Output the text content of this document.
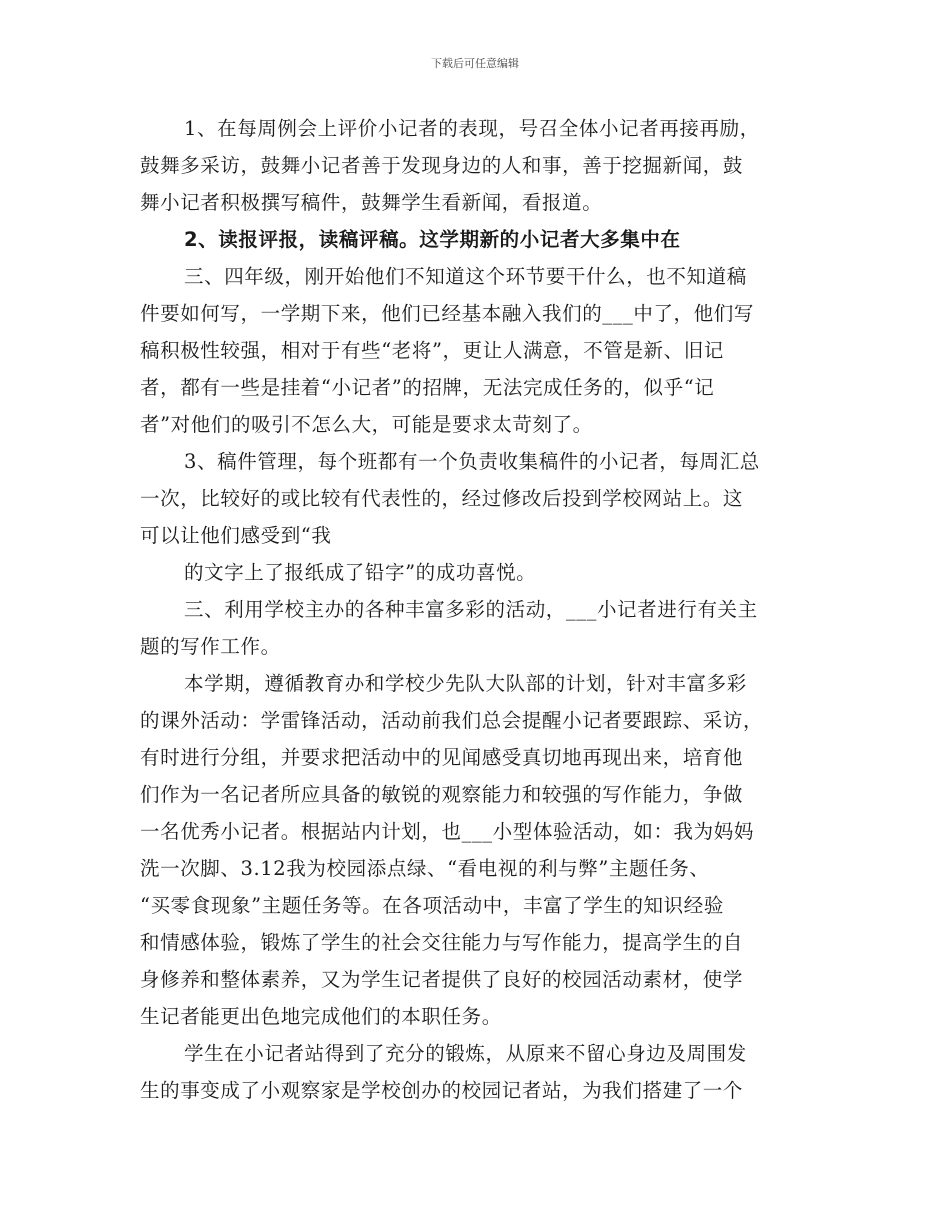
下载后可任意编辑
1、在每周例会上评价小记者的表现，号召全体小记者再接再励，
鼓舞多采访，鼓舞小记者善于发现身边的人和事，善于挖掘新闻，鼓
舞小记者积极撰写稿件，鼓舞学生看新闻，看报道。
2、读报评报，读稿评稿。这学期新的小记者大多集中在
三、四年级，刚开始他们不知道这个环节要干什么，也不知道稿
件要如何写，一学期下来，他们已经基本融入我们的___中了，他们写
稿积极性较强，相对于有些“老将”，更让人满意，不管是新、旧记
者，都有一些是挂着“小记者”的招牌，无法完成任务的，似乎“记
者”对他们的吸引不怎么大，可能是要求太苛刻了。
3、稿件管理，每个班都有一个负责收集稿件的小记者，每周汇总
一次，比较好的或比较有代表性的，经过修改后投到学校网站上。这
可以让他们感受到“我
的文字上了报纸成了铅字”的成功喜悦。
三、利用学校主办的各种丰富多彩的活动，___小记者进行有关主
题的写作工作。
本学期，遵循教育办和学校少先队大队部的计划，针对丰富多彩
的课外活动：学雷锋活动，活动前我们总会提醒小记者要跟踪、采访，
有时进行分组，并要求把活动中的见闻感受真切地再现出来，培育他
们作为一名记者所应具备的敏锐的观察能力和较强的写作能力，争做
一名优秀小记者。根据站内计划，也___小型体验活动，如：我为妈妈
洗一次脚、3.12我为校园添点绿、“看电视的利与弊”主题任务、
“买零食现象”主题任务等。在各项活动中，丰富了学生的知识经验
和情感体验，锻炼了学生的社会交往能力与写作能力，提高学生的自
身修养和整体素养，又为学生记者提供了良好的校园活动素材，使学
生记者能更出色地完成他们的本职任务。
学生在小记者站得到了充分的锻炼，从原来不留心身边及周围发
生的事变成了小观察家是学校创办的校园记者站，为我们搭建了一个
